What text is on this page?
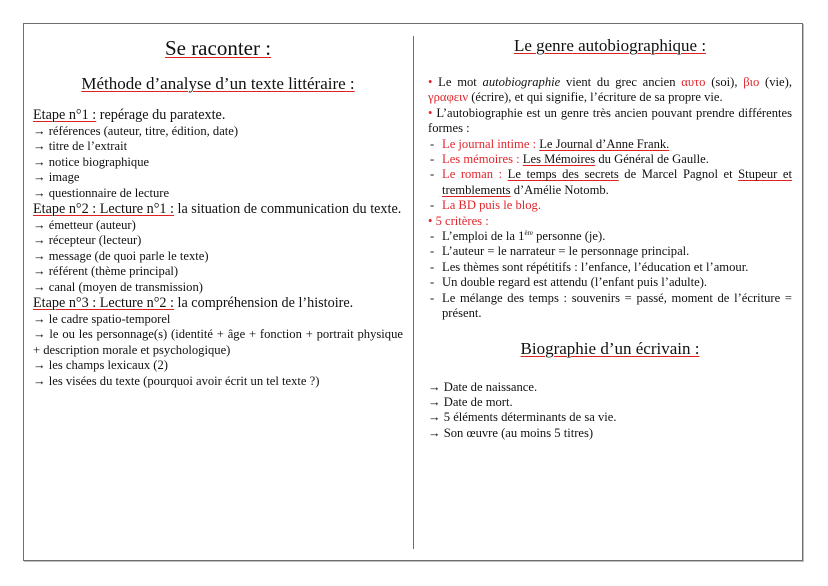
Se raconter :
Méthode d’analyse d’un texte littéraire :
Etape n°1 : repérage du paratexte.
→ références (auteur, titre, édition, date)
→ titre de l’extrait
→ notice biographique
→ image
→ questionnaire de lecture
Etape n°2 : Lecture n°1 : la situation de communication du texte.
→ émetteur (auteur)
→ récepteur (lecteur)
→ message (de quoi parle le texte)
→ référent (thème principal)
→ canal (moyen de transmission)
Etape n°3 : Lecture n°2 : la compréhension de l’histoire.
→ le cadre spatio-temporel
→ le ou les personnage(s) (identité + âge + fonction + portrait physique + description morale et psychologique)
→ les champs lexicaux (2)
→ les visées du texte (pourquoi avoir écrit un tel texte ?)
Le genre autobiographique :
• Le mot autobiographie vient du grec ancien αυτο (soi), βιο (vie), γραφειν (écrire), et qui signifie, l’écriture de sa propre vie.
• L’autobiographie est un genre très ancien pouvant prendre différentes formes :
- Le journal intime : Le Journal d’Anne Frank.
- Les mémoires : Les Mémoires du Général de Gaulle.
- Le roman : Le temps des secrets de Marcel Pagnol et Stupeur et tremblements d’Amélie Notomb.
- La BD puis le blog.
• 5 critères :
- L’emploi de la 1ère personne (je).
- L’auteur = le narrateur = le personnage principal.
- Les thèmes sont répétitifs : l’enfance, l’éducation et l’amour.
- Un double regard est attendu (l’enfant puis l’adulte).
- Le mélange des temps : souvenirs = passé, moment de l’écriture = présent.
Biographie d’un écrivain :
→ Date de naissance.
→ Date de mort.
→ 5 éléments déterminants de sa vie.
→ Son œuvre (au moins 5 titres)
